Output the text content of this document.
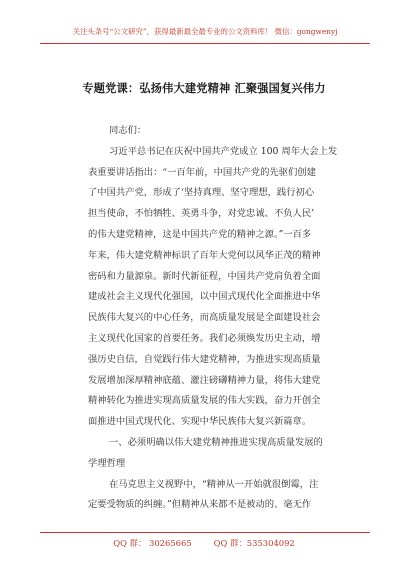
关注头条号“公文研究”，获得最新最全最专业的公文资料库！ 微信：gongwenyj
专题党课：弘扬伟大建党精神 汇聚强国复兴伟力
同志们：
习近平总书记在庆祝中国共产党成立 100 周年大会上发
表重要讲话指出：“一百年前，中国共产党的先驱们创建
了中国共产党，形成了‘坚持真理、坚守理想，践行初心
担当使命，不怕牺牲、英勇斗争，对党忠诚、不负人民’
的伟大建党精神，这是中国共产党的精神之源。”一百多
年来，伟大建党精神标识了百年大党何以风华正茂的精神
密码和力量源泉。新时代新征程，中国共产党肩负着全面
建成社会主义现代化强国，以中国式现代化全面推进中华
民族伟大复兴的中心任务，而高质量发展是全面建设社会
主义现代化国家的首要任务。我们必须焕发历史主动，增
强历史自信，自觉践行伟大建党精神，为推进实现高质量
发展增加深厚精神底蕴、灌注磅礴精神力量，将伟大建党
精神转化为推进实现高质量发展的伟大实践，奋力开创全
面推进中国式现代化、实现中华民族伟大复兴新篇章。
一、必须明确以伟大建党精神推进实现高质量发展的
学理哲理
在马克思主义视野中，“精神从一开始就很倒霉，注
定要受物质的纠缠。”但精神从来都不是被动的、毫无作
QQ 群： 30265665	QQ 群：535304092
